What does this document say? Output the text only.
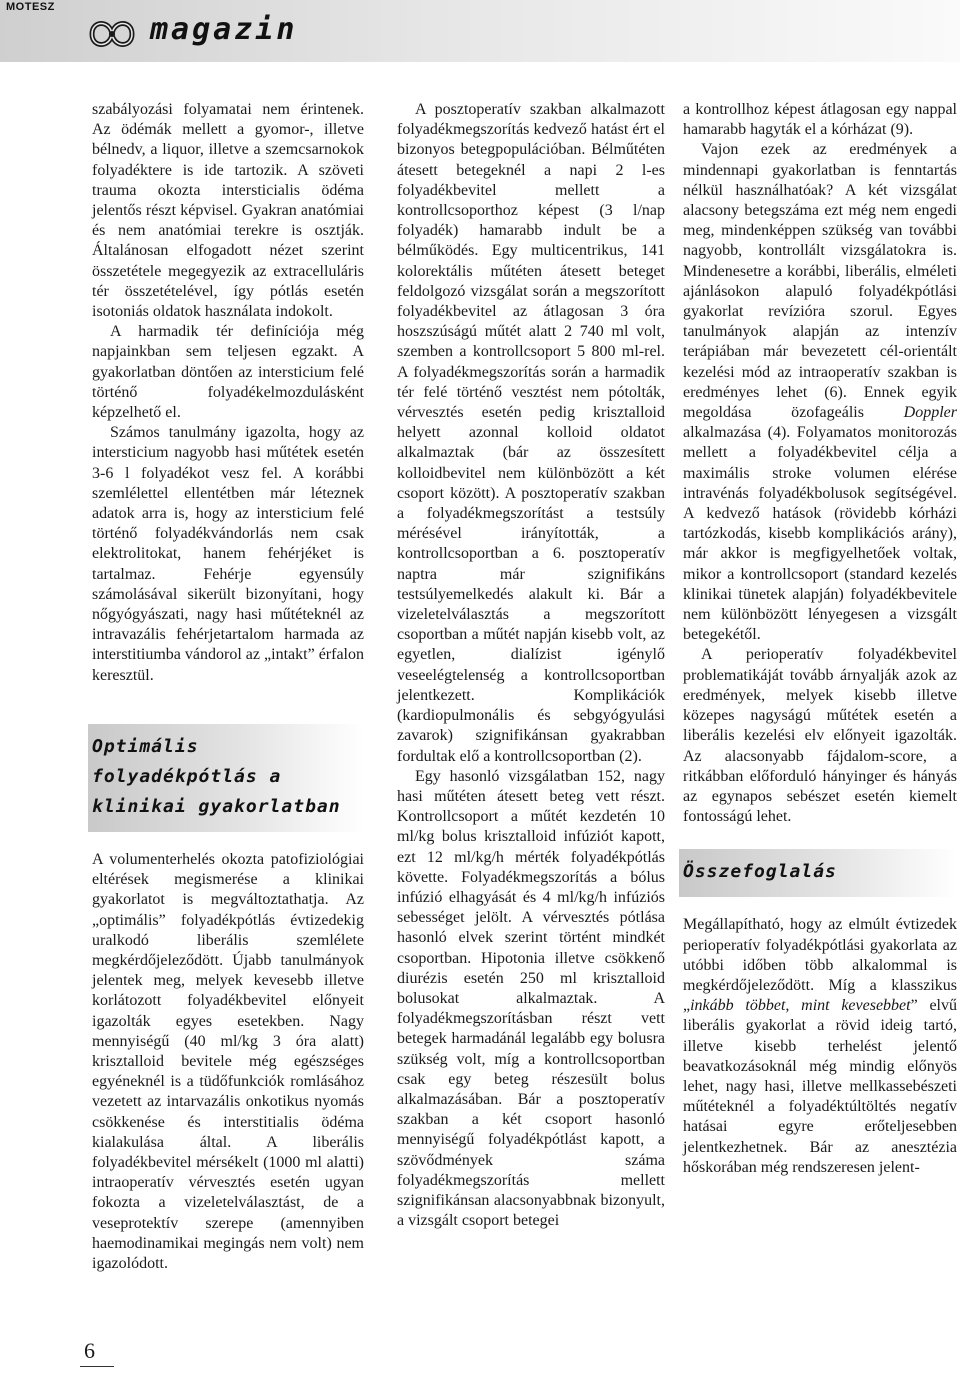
MOTESZ
magazin

szabályozási folyamatai nem érintenek. Az ödémák mellett a gyomor-, illetve bélnedv, a liquor, illetve a szemcsarnokok folyadékterе is ide tartozik. A szöveti trauma okozta intersticialis ödéma jelentős részt képvisel. Gyakran anatómiai és nem anatómiai terekre is osztják. Általánosan elfogadott nézet szerint összetétele megegyezik az extracelluláris tér összetételével, így pótlás esetén isotoniás oldatok használata indokolt.

A harmadik tér definíciója még napjainkban sem teljesen egzakt. A gyakorlatban döntően az intersticium felé történő folyadékelmozdulásként képzelhető el.

Számos tanulmány igazolta, hogy az intersticium nagyobb hasi műtétek esetén 3-6 l folyadékot vesz fel. A korábbi szemlélettel ellentétben már léteznek adatok arra is, hogy az intersticium felé történő folyadékvándorlás nem csak elektrolitokat, hanem fehérjéket is tartalmaz. Fehérje egyensúly számolásával sikerült bizonyítani, hogy nőgyógyászati, nagy hasi műtéteknél az intravazális fehérjetartalom harmada az interstitiumba vándorol az „intakt” érfalon keresztül.

Optimális folyadékpótlás a klinikai gyakorlatban

A volumenterhelés okozta patofiziológiai eltérések megismerése a klinikai gyakorlatot is megváltoztathatja. Az „optimális” folyadékpótlás évtizedekig uralkodó liberális szemlélete megkérdőjeleződött. Újabb tanulmányok jelentek meg, melyek kevesebb illetve korlátozott folyadékbevitel előnyeit igazolták egyes esetekben. Nagy mennyiségű (40 ml/kg 3 óra alatt) krisztalloid bevitele még egészséges egyéneknél is a tüdőfunkciók romlásához vezetett az intarvazális onkotikus nyomás csökkenése és interstitialis ödéma kialakulása által. A liberális folyadékbevitel mérsékelt (1000 ml alatti) intraoperatív vérvesztés esetén ugyan fokozta a vizeletelválasztást, de a veseprotektív szerepe (amennyiben haemodinamikai megingás nem volt) nem igazolódott.

A posztoperatív szakban alkalmazott folyadékmegszorítás kedvező hatást ért el bizonyos betegpopulációban. Bélműtéten átesett betegeknél a napi 2 l-es folyadékbevitel mellett a kontrollcsoporthoz képest (3 l/nap folyadék) hamarabb indult be a bélműködés. Egy multicentrikus, 141 kolorektális műtéten átesett beteget feldolgozó vizsgálat során a megszorított folyadékbevitel az átlagosan 3 óra hoszszúságú műtét alatt 2 740 ml volt, szemben a kontrollcsoport 5 800 ml-rel. A folyadékmegszorítás során a harmadik tér felé történő vesztést nem pótolták, vérvesztés esetén pedig krisztalloid helyett azonnal kolloid oldatot alkalmaztak (bár az összesített kolloidbevitel nem különbözött a két csoport között). A posztoperatív szakban a folyadékmegszorítást a testsúly mérésével irányították, a kontrollcsoportban a 6. posztoperatív naptra már szignifikáns testsúlyemelkedés alakult ki. Bár a vizeletelválasztás a megszorított csoportban a műtét napján kisebb volt, az egyetlen, dialízist igénylő veseelégtelenség a kontrollcsoportban jelentkezett. Komplikációk (kardiopulmonális és sebgyógyulási zavarok) szignifikánsan gyakrabban fordultak elő a kontrollcsoportban (2).

Egy hasonló vizsgálatban 152, nagy hasi műtéten átesett beteg vett részt. Kontrollcsoport a műtét kezdetén 10 ml/kg bolus krisztalloid infúziót kapott, ezt 12 ml/kg/h mérték folyadékpótlás követte. Folyadékmegszorítás a bólus infúzió elhagyását és 4 ml/kg/h infúziós sebességet jelölt. A vérvesztés pótlása hasonló elvek szerint történt mindkét csoportban. Hipotonia illetve csökkenő diurézis esetén 250 ml krisztalloid bolusokat alkalmaztak. A folyadékmegszorításban részt vett betegek harmadánál legalább egy bolusra szükség volt, míg a kontrollcsoportban csak egy beteg részesült bolus alkalmazásában. Bár a posztoperatív szakban a két csoport hasonló mennyiségű folyadékpótlást kapott, a szövődmények száma folyadékmegszorítás mellett szignifikánsan alacsonyabbnak bizonyult, a vizsgált csoport betegei

a kontrollhoz képest átlagosan egy nappal hamarabb hagyták el a kórházat (9).

Vajon ezek az eredmények a mindennapi gyakorlatban is fenntartás nélkül használhatóak? A két vizsgálat alacsony betegszáma ezt még nem engedi meg, mindenképpen szükség van további nagyobb, kontrollált vizsgálatokra is. Mindenesetre a korábbi, liberális, elméleti ajánlásokon alapuló folyadékpótlási gyakorlat revízióra szorul. Egyes tanulmányok alapján az intenzív terápiában már bevezetett cél-orientált kezelési mód az intraoperatív szakban is eredményes lehet (6). Ennek egyik megoldása özofageális Doppler alkalmazása (4). Folyamatos monitorozás mellett a folyadékbevitel célja a maximális stroke volumen elérése intravénás folyadékbolusok segítségével. A kedvező hatások (rövidebb kórházi tartózkodás, kisebb komplikációs arány), már akkor is megfigyelhetőek voltak, mikor a kontrollcsoport (standard kezelés klinikai tünetek alapján) folyadékbevitele nem különbözött lényegesen a vizsgált betegekétől.

A perioperatív folyadékbevitel problematikáját tovább árnyalják azok az eredmények, melyek kisebb illetve közepes nagyságú műtétek esetén a liberális kezelési elv előnyeit igazolták. Az alacsonyabb fájdalom-score, a ritkábban előforduló hányinger és hányás az egynapos sebészet esetén kiemelt fontosságú lehet.

Összefoglalás

Megállapítható, hogy az elmúlt évtizedek perioperatív folyadékpótlási gyakorlata az utóbbi időben több alkalommal is megkérdőjeleződött. Míg a klasszikus „inkább többet, mint kevesebbet” elvű liberális gyakorlat a rövid ideig tartó, illetve kisebb terhelést jelentő beavatkozásoknál még mindig előnyös lehet, nagy hasi, illetve mellkassebészeti műtéteknél a folyadéktúltöltés negatív hatásai egyre erőteljesebben jelentkezhetnek. Bár az anesztézia hőskorában még rendszeresen jelent-

6
